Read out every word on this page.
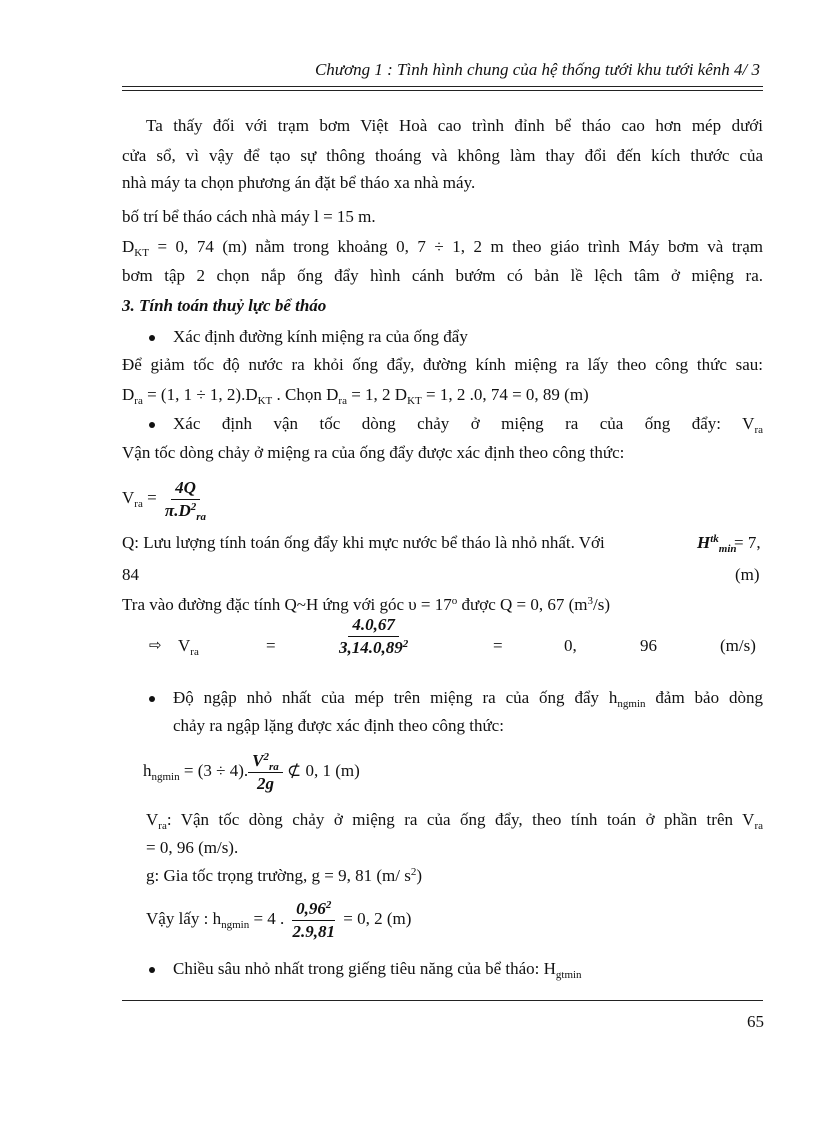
Chương 1 : Tình hình chung của hệ thống tưới khu tưới kênh 4/ 3
Ta thấy đối với trạm bơm Việt Hoà cao trình đỉnh bể tháo cao hơn mép dưới
cửa sổ, vì vậy để tạo sự thông thoáng và không làm thay đổi đến kích thước của
nhà máy ta chọn phương án đặt bể tháo xa nhà máy.
bố trí bể tháo cách nhà máy l = 15 m.
$D_{KT} = 0$, 74 (m) nằm trong khoảng 0, 7 ÷ 1, 2 m theo giáo trình Máy bơm và trạm
bơm tập 2 chọn nắp ống đẩy hình cánh bướm có bản lề lệch tâm ở miệng ra.
3. Tính toán thuỷ lực bể tháo
Xác định đường kính miệng ra của ống đẩy
Để giảm tốc độ nước ra khỏi ống đẩy, đường kính miệng ra lấy theo công thức sau:
$D_{ra} = (1$, 1 ÷ 1, $2).D_{KT}$ . Chọn $D_{ra} = 1$, 2 $D_{KT} = 1$, 2 .0, 74 = 0, 89 (m)
Xác định vận tốc dòng chảy ở miệng ra của ống đẩy: $V_{ra}$
Vận tốc dòng chảy ở miệng ra của ống đẩy được xác định theo công thức:
$V_{ra} = \frac{4Q}{\pi.D^2_{ra}}$
Q: Lưu lượng tính toán ống đẩy khi mực nước bể tháo là nhỏ nhất. Với	$H^{tk}_{min}$
= 7,
84	(m)
Tra vào đường đặc tính Q~H ứng với góc $\upsilon = 17^o$ được Q = 0, 67 $(m^3/s)$
⇨ $V_{ra}$	=	$\frac{4.0,67}{3,14.0,89^2}$	=	0,	96	(m/s)
Độ ngập nhỏ nhất của mép trên miệng ra của ống đẩy $h_{ngmin}$ đảm bảo dòng
chảy ra ngập lặng được xác định theo công thức:
$h_{ngmin} = (3 \div 4)$. $\frac{V^2_{ra}}{2g}$ ⊄ 0, 1 (m)
$V_{ra}$: Vận tốc dòng chảy ở miệng ra của ống đẩy, theo tính toán ở phần trên $V_{ra}$
= 0, 96 (m/s).
g: Gia tốc trọng trường, g = 9, 81 (m/ $s^2$)
Vậy lấy : $h_{ngmin} = 4$ . $\frac{0,96^2}{2.9,81} = 0$, 2 (m)
Chiều sâu nhỏ nhất trong giếng tiêu năng của bể tháo: $H_{gtmin}$
65
